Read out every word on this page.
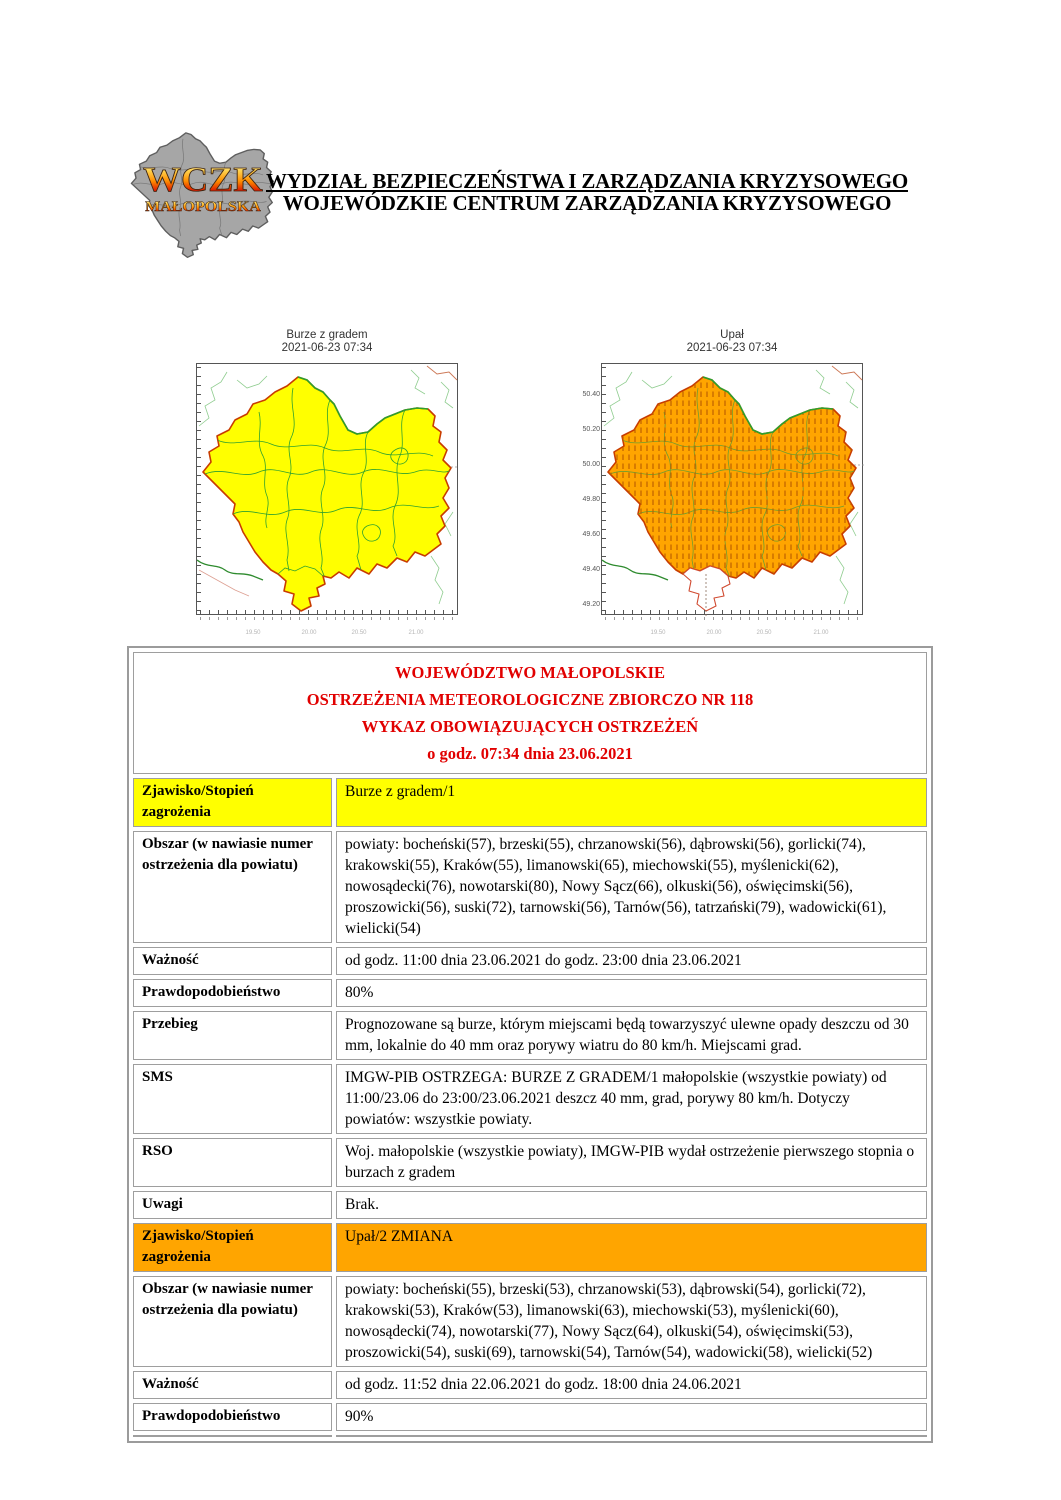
WCZK
MAŁOPOLSKA
WYDZIAŁ BEZPIECZEŃSTWA I ZARZĄDZANIA KRYZYSOWEGO
WOJEWÓDZKIE CENTRUM ZARZĄDZANIA KRYZYSOWEGO
Burze z gradem
2021-06-23 07:34
19.50	20.00	20.50	21.00
Upał
2021-06-23 07:34
50.40
50.20
50.00
49.80
49.60
49.40
49.20
19.50	20.00	20.50	21.00
WOJEWÓDZTWO MAŁOPOLSKIE
OSTRZEŻENIA METEOROLOGICZNE ZBIORCZO NR 118
WYKAZ OBOWIĄZUJĄCYCH OSTRZEŻEŃ
o godz. 07:34 dnia 23.06.2021	

Zjawisko/Stopień zagrożenia	Burze z gradem/1
Obszar (w nawiasie numer ostrzeżenia dla powiatu)	powiaty: bocheński(57), brzeski(55), chrzanowski(56), dąbrowski(56), gorlicki(74), krakowski(55), Kraków(55), limanowski(65), miechowski(55), myślenicki(62), nowosądecki(76), nowotarski(80), Nowy Sącz(66), olkuski(56), oświęcimski(56), proszowicki(56), suski(72), tarnowski(56), Tarnów(56), tatrzański(79), wadowicki(61), wielicki(54)
Ważność	od godz. 11:00 dnia 23.06.2021 do godz. 23:00 dnia 23.06.2021
Prawdopodobieństwo	80%
Przebieg	Prognozowane są burze, którym miejscami będą towarzyszyć ulewne opady deszczu od 30 mm, lokalnie do 40 mm oraz porywy wiatru do 80 km/h. Miejscami grad.
SMS	IMGW-PIB OSTRZEGA: BURZE Z GRADEM/1 małopolskie (wszystkie powiaty) od 11:00/23.06 do 23:00/23.06.2021 deszcz 40 mm, grad, porywy 80 km/h. Dotyczy powiatów: wszystkie powiaty.
RSO	Woj. małopolskie (wszystkie powiaty), IMGW-PIB wydał ostrzeżenie pierwszego stopnia o burzach z gradem
Uwagi	Brak.
Zjawisko/Stopień zagrożenia	Upał/2 ZMIANA
Obszar (w nawiasie numer ostrzeżenia dla powiatu)	powiaty: bocheński(55), brzeski(53), chrzanowski(53), dąbrowski(54), gorlicki(72), krakowski(53), Kraków(53), limanowski(63), miechowski(53), myślenicki(60), nowosądecki(74), nowotarski(77), Nowy Sącz(64), olkuski(54), oświęcimski(53), proszowicki(54), suski(69), tarnowski(54), Tarnów(54), wadowicki(58), wielicki(52)
Ważność	od godz. 11:52 dnia 22.06.2021 do godz. 18:00 dnia 24.06.2021
Prawdopodobieństwo	90%
